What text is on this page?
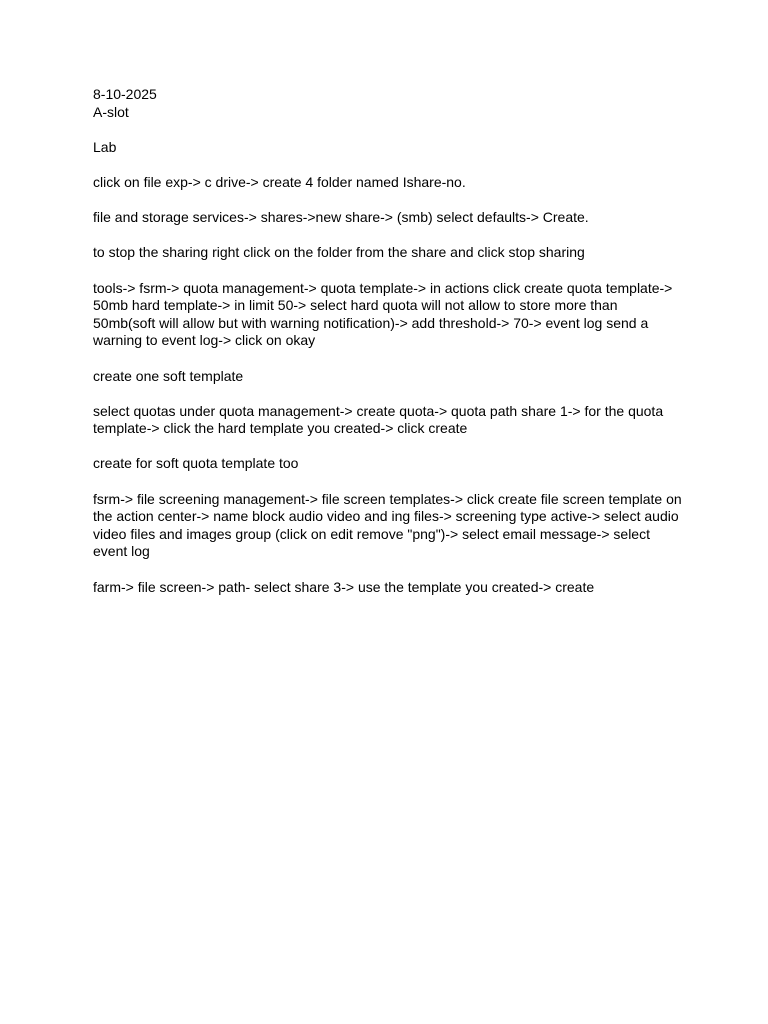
8-10-2025

A-slot

Lab

click on file exp-> c drive-> create 4 folder named Ishare-no.

file and storage services-> shares->new share-> (smb) select defaults-> Create.

to stop the sharing right click on the folder from the share and click stop sharing

tools-> fsrm-> quota management-> quota template-> in actions click create quota template-> 50mb hard template-> in limit 50-> select hard quota will not allow to store more than 50mb(soft will allow but with warning notification)-> add threshold-> 70-> event log send a warning to event log-> click on okay

create one soft template

select quotas under quota management-> create quota-> quota path share 1-> for the quota template-> click the hard template you created-> click create

create for soft quota template too

fsrm-> file screening management-> file screen templates-> click create file screen template on the action center-> name block audio video and ing files-> screening type active-> select audio video files and images group (click on edit remove "png")-> select email message-> select event log

farm-> file screen-> path- select share 3-> use the template you created-> create
